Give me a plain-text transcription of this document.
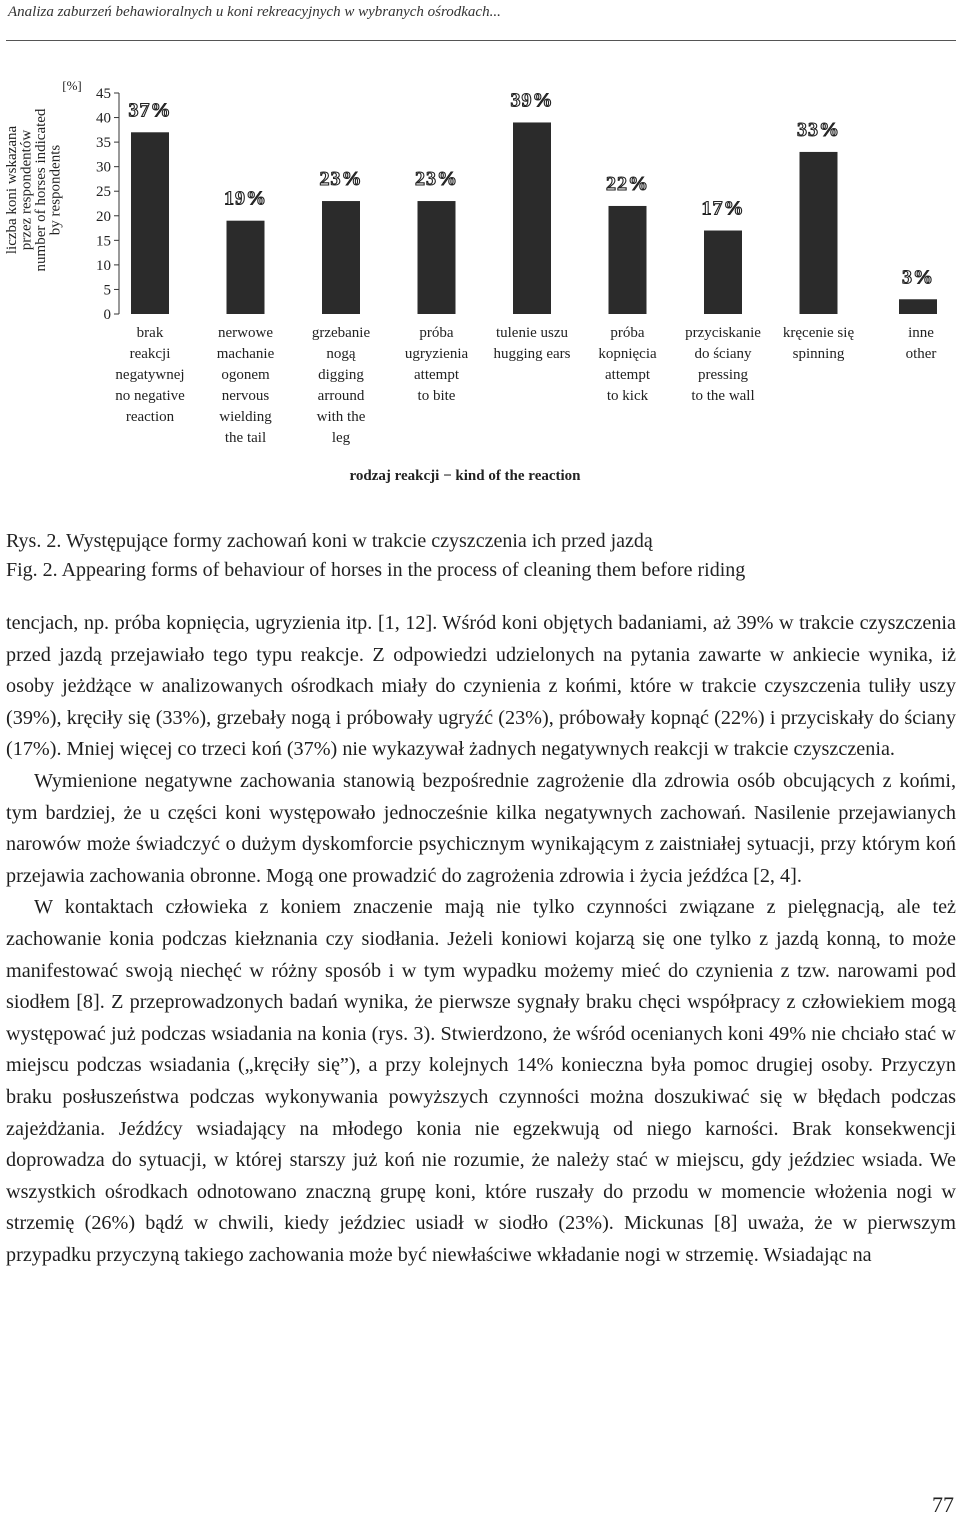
Analiza zaburzeń behawioralnych u koni rekreacyjnych w wybranych ośrodkach...
liczba koni wskazana
przez respondentów
number of horses indicated
by respondents
[%]
0
5
10
15
20
25
30
35
40
45
37%
19%
23%	23%
39%
22%
17%
33%
3%
brak
reakcji
negatywnej
no negative
reaction
nerwowe
machanie
ogonem
nervous
wielding
the tail
grzebanie
nogą
digging
arround
with the
leg
próba
ugryzienia
attempt
to bite
tulenie uszu
hugging ears
próba
kopnięcia
attempt
to kick
przyciskanie
do ściany
pressing
to the wall
kręcenie się
spinning
inne
other
rodzaj reakcji − kind of the reaction
Rys. 2. Występujące formy zachowań koni w trakcie czyszczenia ich przed jazdą
Fig. 2. Appearing forms of behaviour of horses in the process of cleaning them before riding

tencjach, np. próba kopnięcia, ugryzienia itp. [1, 12]. Wśród koni objętych badaniami, aż 39% w trakcie czyszczenia przed jazdą przejawiało tego typu reakcje. Z odpowiedzi udzielonych na pytania zawarte w ankiecie wynika, iż osoby jeżdżące w analizowanych ośrodkach miały do czynienia z końmi, które w trakcie czyszczenia tuliły uszy (39%), kręciły się (33%), grzebały nogą i próbowały ugryźć (23%), próbowały kopnąć (22%) i przyciskały do ściany (17%). Mniej więcej co trzeci koń (37%) nie wykazywał żadnych negatywnych reakcji w trakcie czyszczenia.

Wymienione negatywne zachowania stanowią bezpośrednie zagrożenie dla zdrowia osób obcujących z końmi, tym bardziej, że u części koni występowało jednocześnie kilka negatywnych zachowań. Nasilenie przejawianych narowów może świadczyć o dużym dyskomforcie psychicznym wynikającym z zaistniałej sytuacji, przy którym koń przejawia zachowania obronne. Mogą one prowadzić do zagrożenia zdrowia i życia jeźdźca [2, 4].

W kontaktach człowieka z koniem znaczenie mają nie tylko czynności związane z pielęgnacją, ale też zachowanie konia podczas kiełznania czy siodłania. Jeżeli koniowi kojarzą się one tylko z jazdą konną, to może manifestować swoją niechęć w różny sposób i w tym wypadku możemy mieć do czynienia z tzw. narowami pod siodłem [8]. Z przeprowadzonych badań wynika, że pierwsze sygnały braku chęci współpracy z człowiekiem mogą występować już podczas wsiadania na konia (rys. 3). Stwierdzono, że wśród ocenianych koni 49% nie chciało stać w miejscu podczas wsiadania („kręciły się”), a przy kolejnych 14% konieczna była pomoc drugiej osoby. Przyczyn braku posłuszeństwa podczas wykonywania powyższych czynności można doszukiwać się w błędach podczas zajeżdżania. Jeźdźcy wsiadający na młodego konia nie egzekwują od niego karności. Brak konsekwencji doprowadza do sytuacji, w której starszy już koń nie rozumie, że należy stać w miejscu, gdy jeździec wsiada. We wszystkich ośrodkach odnotowano znaczną grupę koni, które ruszały do przodu w momencie włożenia nogi w strzemię (26%) bądź w chwili, kiedy jeździec usiadł w siodło (23%). Mickunas [8] uważa, że w pierwszym przypadku przyczyną takiego zachowania może być niewłaściwe wkładanie nogi w strzemię. Wsiadając na

77
